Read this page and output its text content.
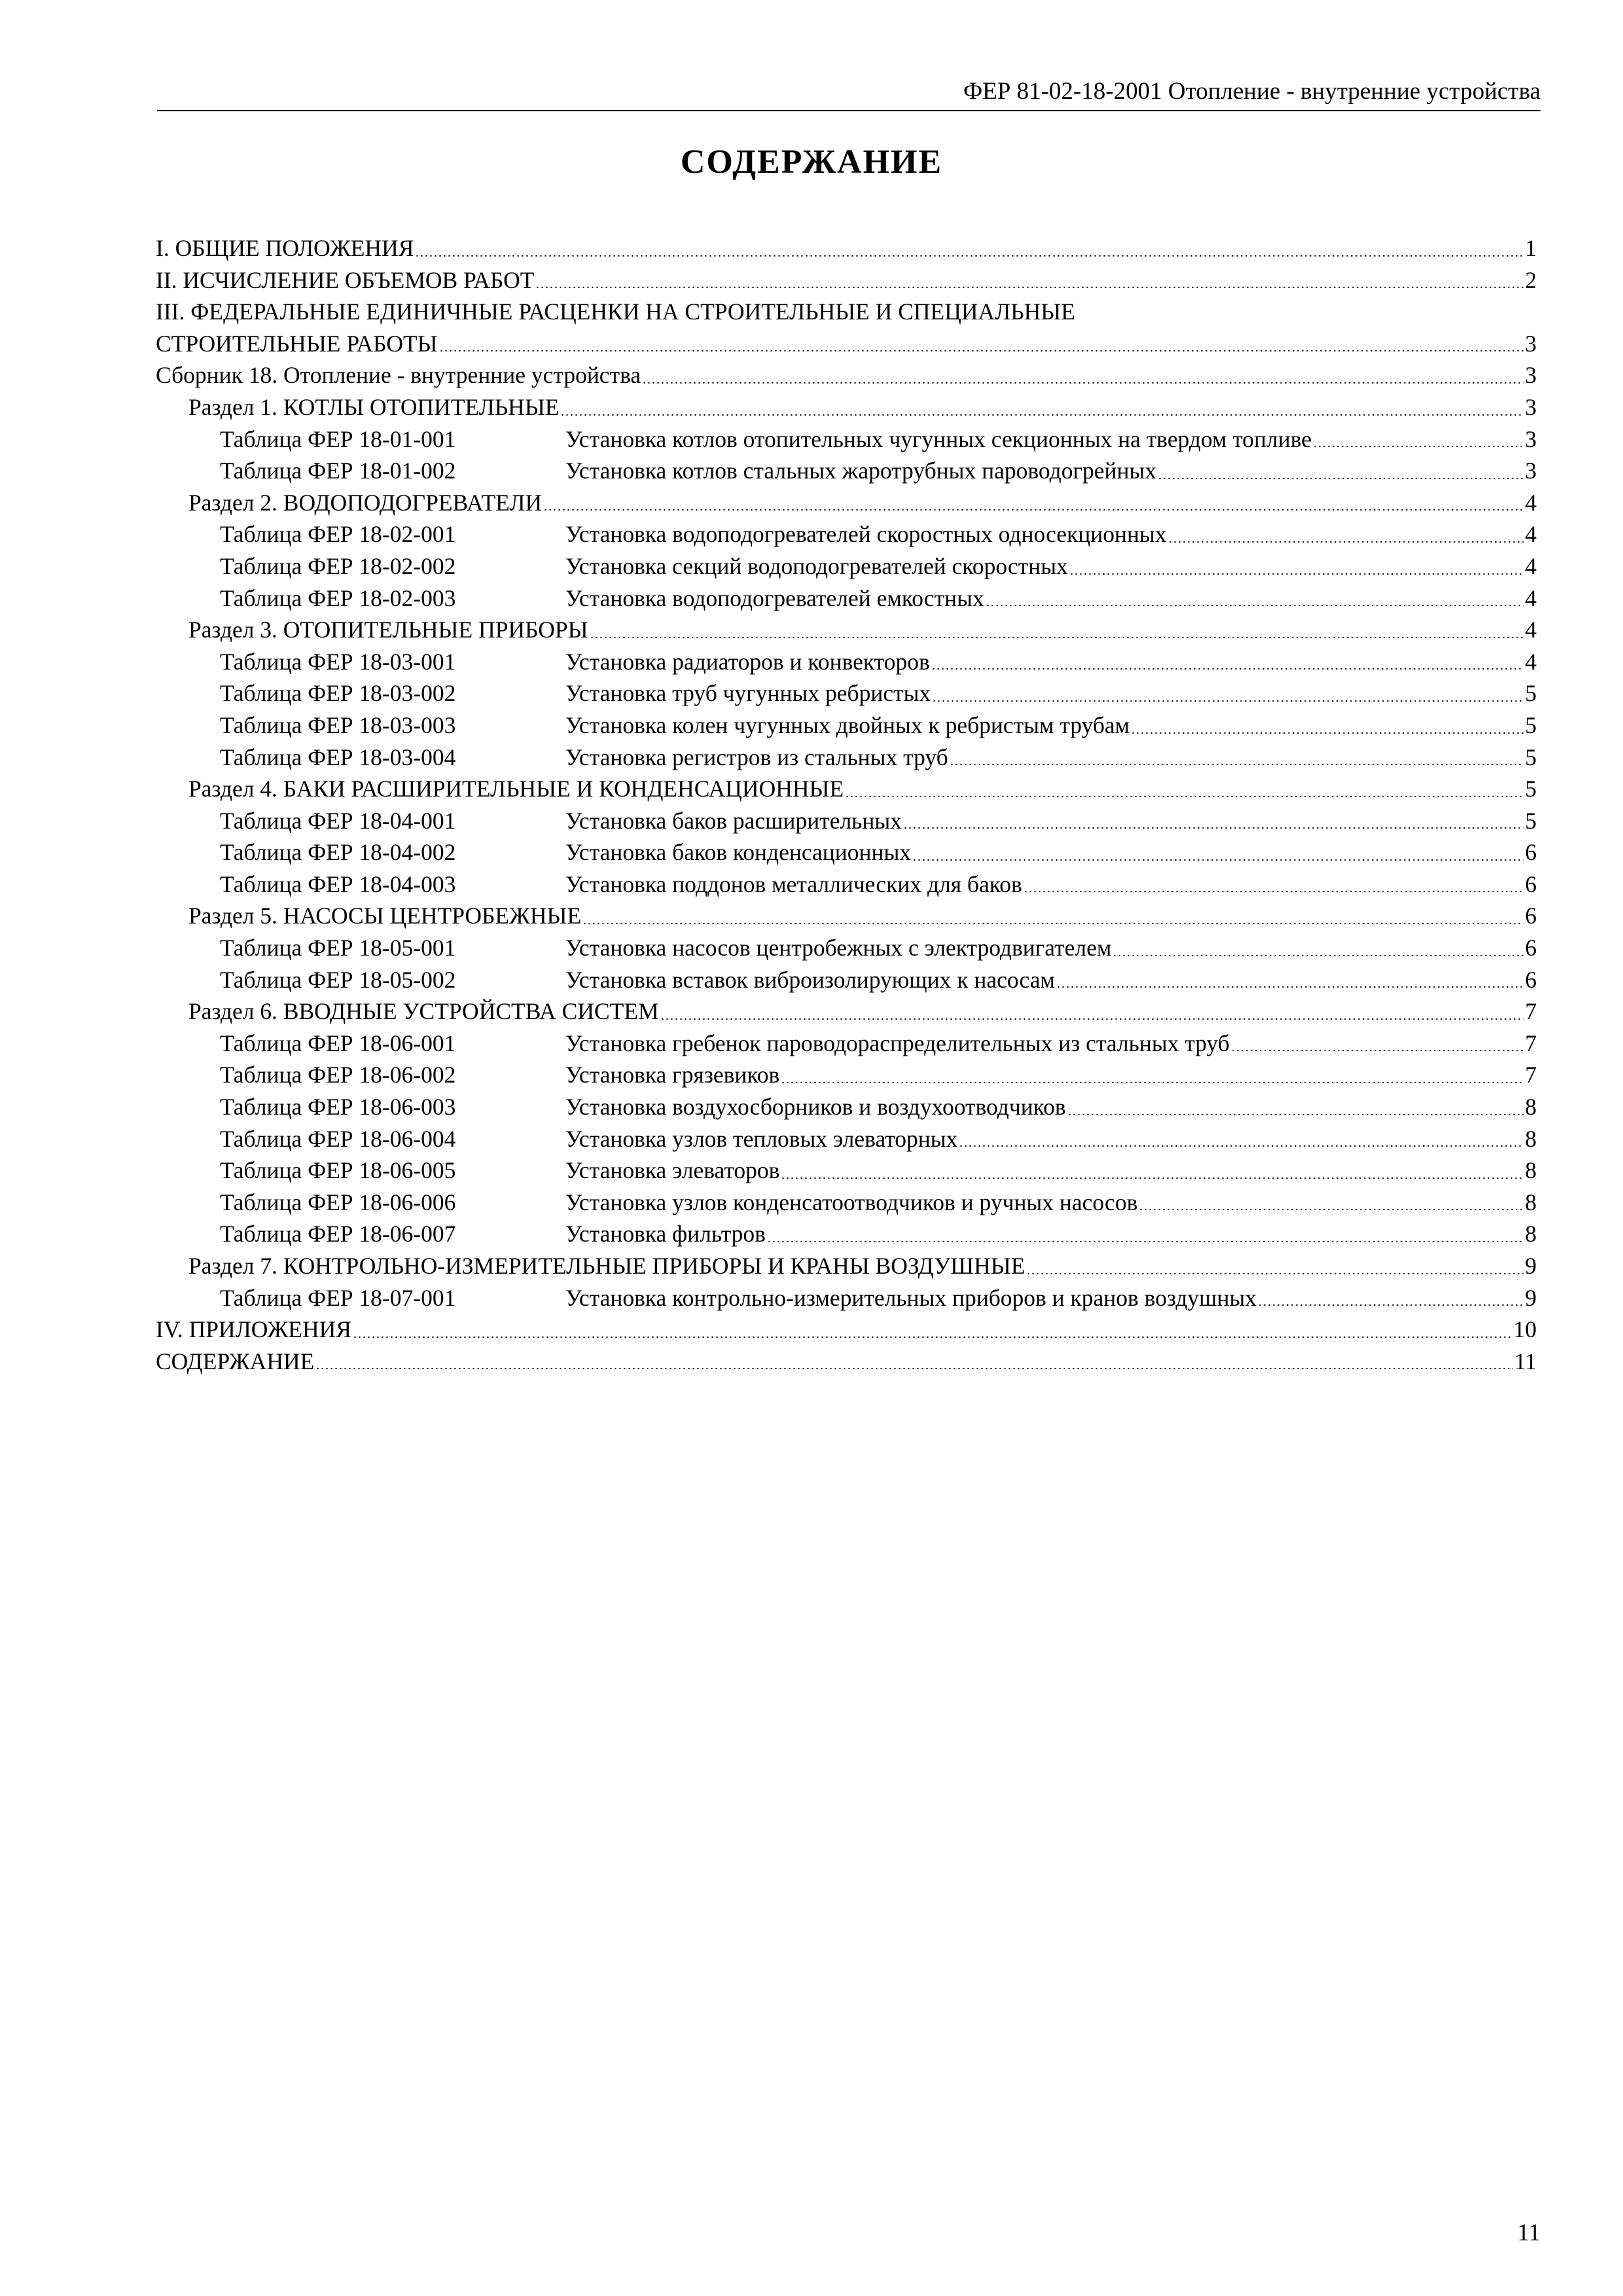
ФЕР 81-02-18-2001 Отопление - внутренние устройства
СОДЕРЖАНИЕ
I. ОБЩИЕ ПОЛОЖЕНИЯ	1
II. ИСЧИСЛЕНИЕ ОБЪЕМОВ РАБОТ	2
III. ФЕДЕРАЛЬНЫЕ ЕДИНИЧНЫЕ РАСЦЕНКИ НА СТРОИТЕЛЬНЫЕ И СПЕЦИАЛЬНЫЕ
СТРОИТЕЛЬНЫЕ РАБОТЫ	3
Сборник 18. Отопление - внутренние устройства	3
Раздел 1. КОТЛЫ ОТОПИТЕЛЬНЫЕ	3
Таблица ФЕР 18-01-001	Установка котлов отопительных чугунных секционных на твердом топливе	3
Таблица ФЕР 18-01-002	Установка котлов стальных жаротрубных пароводогрейных	3
Раздел 2. ВОДОПОДОГРЕВАТЕЛИ	4
Таблица ФЕР 18-02-001	Установка водоподогревателей скоростных односекционных	4
Таблица ФЕР 18-02-002	Установка секций водоподогревателей скоростных	4
Таблица ФЕР 18-02-003	Установка водоподогревателей емкостных	4
Раздел 3. ОТОПИТЕЛЬНЫЕ ПРИБОРЫ	4
Таблица ФЕР 18-03-001	Установка радиаторов и конвекторов	4
Таблица ФЕР 18-03-002	Установка труб чугунных ребристых	5
Таблица ФЕР 18-03-003	Установка колен чугунных двойных к ребристым трубам	5
Таблица ФЕР 18-03-004	Установка регистров из стальных труб	5
Раздел 4. БАКИ РАСШИРИТЕЛЬНЫЕ И КОНДЕНСАЦИОННЫЕ	5
Таблица ФЕР 18-04-001	Установка баков расширительных	5
Таблица ФЕР 18-04-002	Установка баков конденсационных	6
Таблица ФЕР 18-04-003	Установка поддонов металлических для баков	6
Раздел 5. НАСОСЫ ЦЕНТРОБЕЖНЫЕ	6
Таблица ФЕР 18-05-001	Установка насосов центробежных с электродвигателем	6
Таблица ФЕР 18-05-002	Установка вставок виброизолирующих к насосам	6
Раздел 6. ВВОДНЫЕ УСТРОЙСТВА СИСТЕМ	7
Таблица ФЕР 18-06-001	Установка гребенок пароводораспределительных из стальных труб	7
Таблица ФЕР 18-06-002	Установка грязевиков	7
Таблица ФЕР 18-06-003	Установка воздухосборников и воздухоотводчиков	8
Таблица ФЕР 18-06-004	Установка узлов тепловых элеваторных	8
Таблица ФЕР 18-06-005	Установка элеваторов	8
Таблица ФЕР 18-06-006	Установка узлов конденсатоотводчиков и ручных насосов	8
Таблица ФЕР 18-06-007	Установка фильтров	8
Раздел 7. КОНТРОЛЬНО-ИЗМЕРИТЕЛЬНЫЕ ПРИБОРЫ И КРАНЫ ВОЗДУШНЫЕ	9
Таблица ФЕР 18-07-001	Установка контрольно-измерительных приборов и кранов воздушных	9
IV. ПРИЛОЖЕНИЯ	10
СОДЕРЖАНИЕ	11
11
